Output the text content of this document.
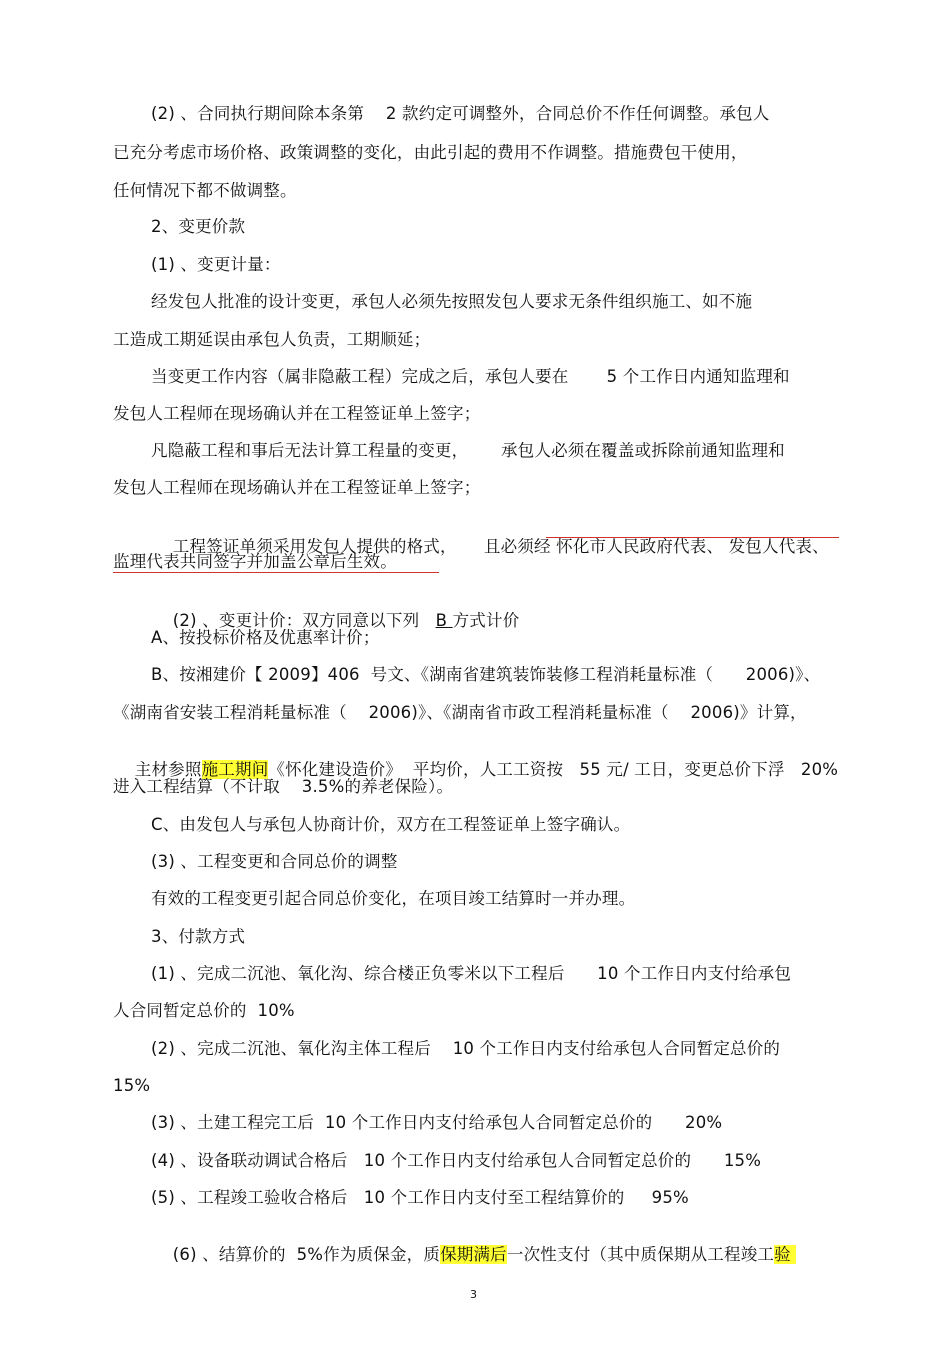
(2) 、合同执行期间除本条第    2 款约定可调整外，合同总价不作任何调整。承包人
已充分考虑市场价格、政策调整的变化，由此引起的费用不作调整。措施费包干使用，
任何情况下都不做调整。
2、变更价款
(1) 、变更计量：
经发包人批准的设计变更，承包人必须先按照发包人要求无条件组织施工、如不施
工造成工期延误由承包人负责，工期顺延；
当变更工作内容（属非隐蔽工程）完成之后，承包人要在       5 个工作日内通知监理和
发包人工程师在现场确认并在工程签证单上签字；
凡隐蔽工程和事后无法计算工程量的变更，      承包人必须在覆盖或拆除前通知监理和
发包人工程师在现场确认并在工程签证单上签字；

工程签证单须采用发包人提供的格式，     且必须经 怀化市人民政府代表、 发包人代表、

监理代表共同签字并加盖公章后生效。

(2) 、变更计价：双方同意以下列   B 方式计价

A、按投标价格及优惠率计价；
B、按湘建价【 2009】406  号文、《湖南省建筑装饰装修工程消耗量标准（      2006)》、
《湖南省安装工程消耗量标准（    2006)》、《湖南省市政工程消耗量标准（    2006)》计算，

主材参照施工期间《怀化建设造价》  平均价，人工工资按   55 元/ 工日，变更总价下浮   20%

进入工程结算（不计取    3.5%的养老保险）。
C、由发包人与承包人协商计价，双方在工程签证单上签字确认。
(3) 、工程变更和合同总价的调整
有效的工程变更引起合同总价变化，在项目竣工结算时一并办理。
3、付款方式
(1) 、完成二沉池、氧化沟、综合楼正负零米以下工程后      10 个工作日内支付给承包
人合同暂定总价的  10%
(2) 、完成二沉池、氧化沟主体工程后    10 个工作日内支付给承包人合同暂定总价的
15%
(3) 、土建工程完工后  10 个工作日内支付给承包人合同暂定总价的      20%
(4) 、设备联动调试合格后   10 个工作日内支付给承包人合同暂定总价的      15%
(5) 、工程竣工验收合格后   10 个工作日内支付至工程结算价的     95%

(6) 、结算价的  5%作为质保金，质保期满后一次性支付（其中质保期从工程竣工验

3
